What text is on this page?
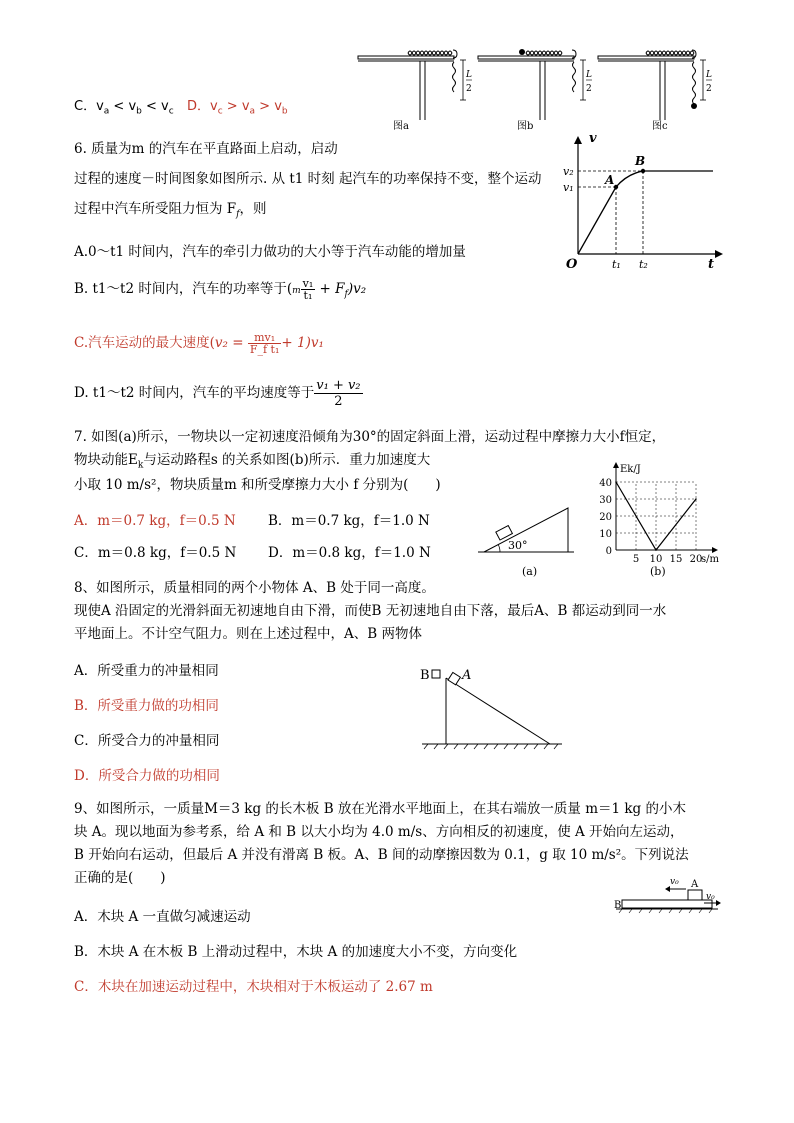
图a	图b	图c
L
2
L
2
L
2
C．$v_a < v_b < v_c$ D．$v_c > v_a > v_b$
6. 质量为m 的汽车在平直路面上启动，启动
过程的速度－时间图象如图所示. 从 t1 时刻 起汽车的功率保持不变，整个运动
过程中汽车所受阻力恒为 $F_f$，则
v
t
O
v₁
v₂
t₁ t₂
A
B
A.0～t1 时间内，汽车的牵引力做功的大小等于汽车动能的增加量
B. t1～t2 时间内，汽车的功率等于$(m \frac{\text{v₁}}{\text{t₁}} + F_f)v_2$
C.汽车运动的最大速度$(v_2 = \frac{\text{mv₁}}{\text{F\_f t₁}} + 1)v_1$
D. t1～t2 时间内，汽车的平均速度等于 $\frac{\text{v₁ + v₂}}{2}$
7. 如图(a)所示，一物块以一定初速度沿倾角为30°的固定斜面上滑，运动过程中摩擦力大小f恒定，
物块动能$E_k$与运动路程s 的关系如图(b)所示．重力加速度大
小取 10 m/s²，物块质量m 和所受摩擦力大小 f 分别为(　　)
A．m＝0.7 kg，f＝0.5 N B．m＝0.7 kg，f＝1.0 N
C．m＝0.8 kg，f＝0.5 N D．m＝0.8 kg，f＝1.0 N	30°
(a)
0
10
20
30
40
5 10 15 20
Ek/J
s/m
(b)
8、如图所示，质量相同的两个小物体 A、B 处于同一高度。
现使A 沿固定的光滑斜面无初速地自由下滑，而使B 无初速地自由下落，最后A、B 都运动到同一水
平地面上。不计空气阻力。则在上述过程中，A、B 两物体
A．所受重力的冲量相同
B．所受重力做的功相同
C．所受合力的冲量相同
D．所受合力做的功相同
B A
9、如图所示，一质量M＝3 kg 的长木板 B 放在光滑水平地面上，在其右端放一质量 m＝1 kg 的小木
块 A。现以地面为参考系，给 A 和 B 以大小均为 4.0 m/s、方向相反的初速度，使 A 开始向左运动，
B 开始向右运动，但最后 A 并没有滑离 B 板。A、B 间的动摩擦因数为 0.1，g 取 10 m/s²。下列说法
正确的是(　　)
B
A
v₀
v₀
A．木块 A 一直做匀减速运动
B．木块 A 在木板 B 上滑动过程中，木块 A 的加速度大小不变，方向变化
C．木块在加速运动过程中，木块相对于木板运动了 2.67 m
